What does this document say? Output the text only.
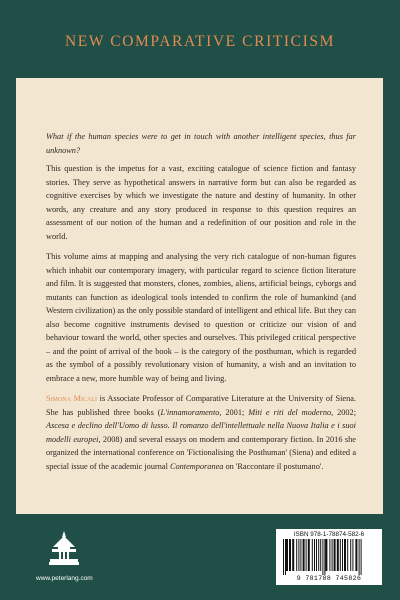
NEW COMPARATIVE CRITICISM

What if the human species were to get in touch with another intelligent species, thus far unknown?

This question is the impetus for a vast, exciting catalogue of science fiction and fantasy stories. They serve as hypothetical answers in narrative form but can also be regarded as cognitive exercises by which we investigate the nature and destiny of humanity. In other words, any creature and any story produced in response to this question requires an assessment of our notion of the human and a redefinition of our position and role in the world.

This volume aims at mapping and analysing the very rich catalogue of non-human figures which inhabit our contemporary imagery, with particular regard to science fiction literature and film. It is suggested that monsters, clones, zombies, aliens, artificial beings, cyborgs and mutants can function as ideological tools intended to confirm the role of humankind (and Western civilization) as the only possible standard of intelligent and ethical life. But they can also become cognitive instruments devised to question or criticize our vision of and behaviour toward the world, other species and ourselves. This privileged critical perspective – and the point of arrival of the book – is the category of the posthuman, which is regarded as the symbol of a possibly revolutionary vision of humanity, a wish and an invitation to embrace a new, more humble way of being and living.

Simona Micali is Associate Professor of Comparative Literature at the University of Siena. She has published three books (L'innamoramento, 2001; Miti e riti del moderno, 2002; Ascesa e declino dell'Uomo di lusso. Il romanzo dell'intellettuale nella Nuova Italia e i suoi modelli europei, 2008) and several essays on modern and contemporary fiction. In 2016 she organized the international conference on 'Fictionalising the Posthuman' (Siena) and edited a special issue of the academic journal Contemporanea on 'Raccontare il postumano'.

www.peterlang.com
ISBN 978-1-78874-582-6
9 781788 745826
